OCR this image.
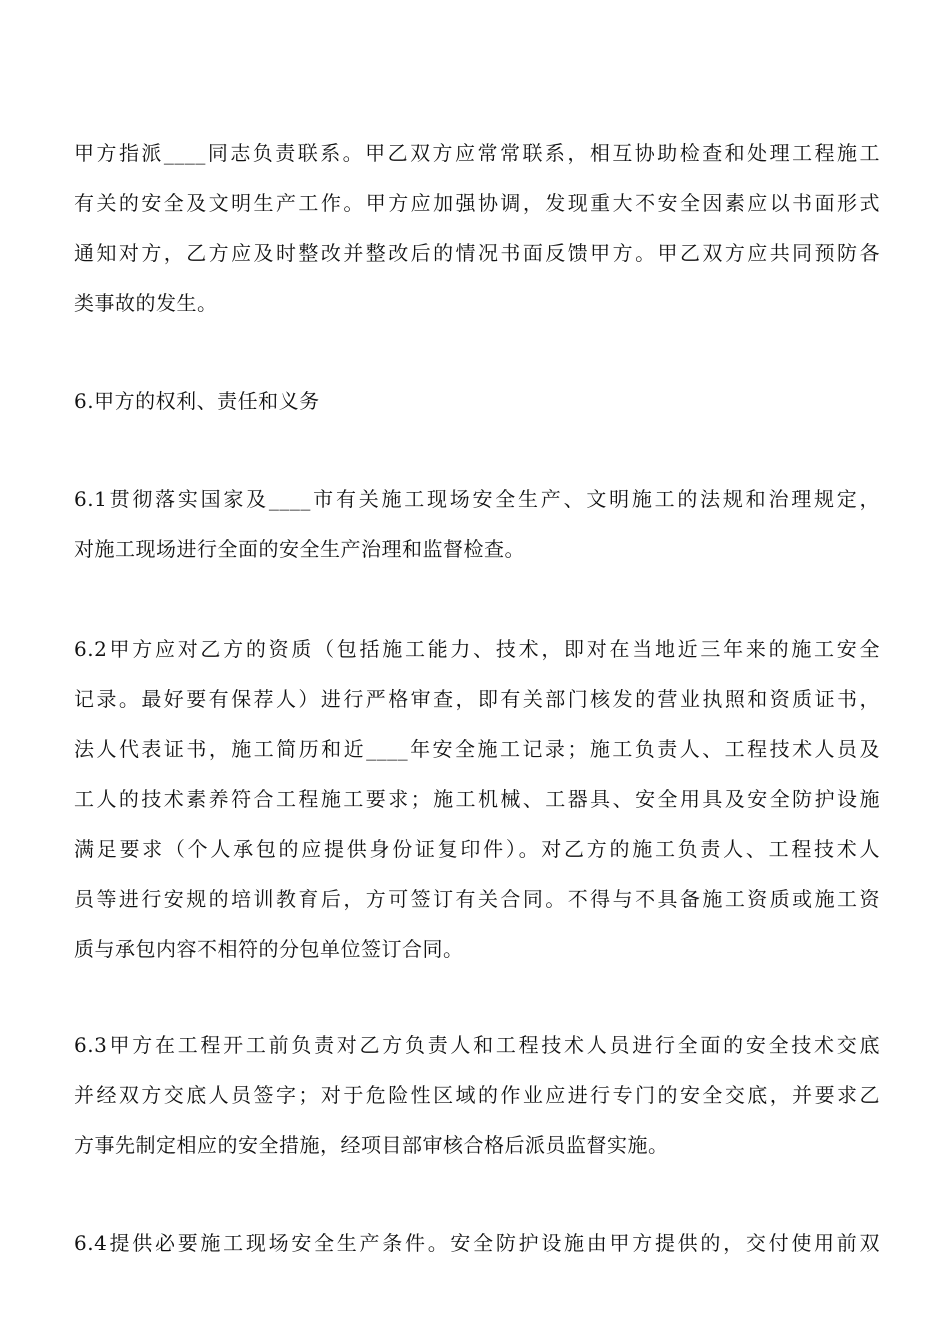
甲方指派____同志负责联系。甲乙双方应常常联系，相互协助检查和处理工程施工
有关的安全及文明生产工作。甲方应加强协调，发现重大不安全因素应以书面形式
通知对方，乙方应及时整改并整改后的情况书面反馈甲方。甲乙双方应共同预防各
类事故的发生。

6.甲方的权利、责任和义务

6.1贯彻落实国家及____市有关施工现场安全生产、文明施工的法规和治理规定，
对施工现场进行全面的安全生产治理和监督检查。

6.2甲方应对乙方的资质（包括施工能力、技术，即对在当地近三年来的施工安全
记录。最好要有保荐人）进行严格审查，即有关部门核发的营业执照和资质证书，
法人代表证书，施工简历和近____年安全施工记录；施工负责人、工程技术人员及
工人的技术素养符合工程施工要求；施工机械、工器具、安全用具及安全防护设施
满足要求（个人承包的应提供身份证复印件）。对乙方的施工负责人、工程技术人
员等进行安规的培训教育后，方可签订有关合同。不得与不具备施工资质或施工资
质与承包内容不相符的分包单位签订合同。

6.3甲方在工程开工前负责对乙方负责人和工程技术人员进行全面的安全技术交底
并经双方交底人员签字；对于危险性区域的作业应进行专门的安全交底，并要求乙
方事先制定相应的安全措施，经项目部审核合格后派员监督实施。

6.4提供必要施工现场安全生产条件。安全防护设施由甲方提供的，交付使用前双
